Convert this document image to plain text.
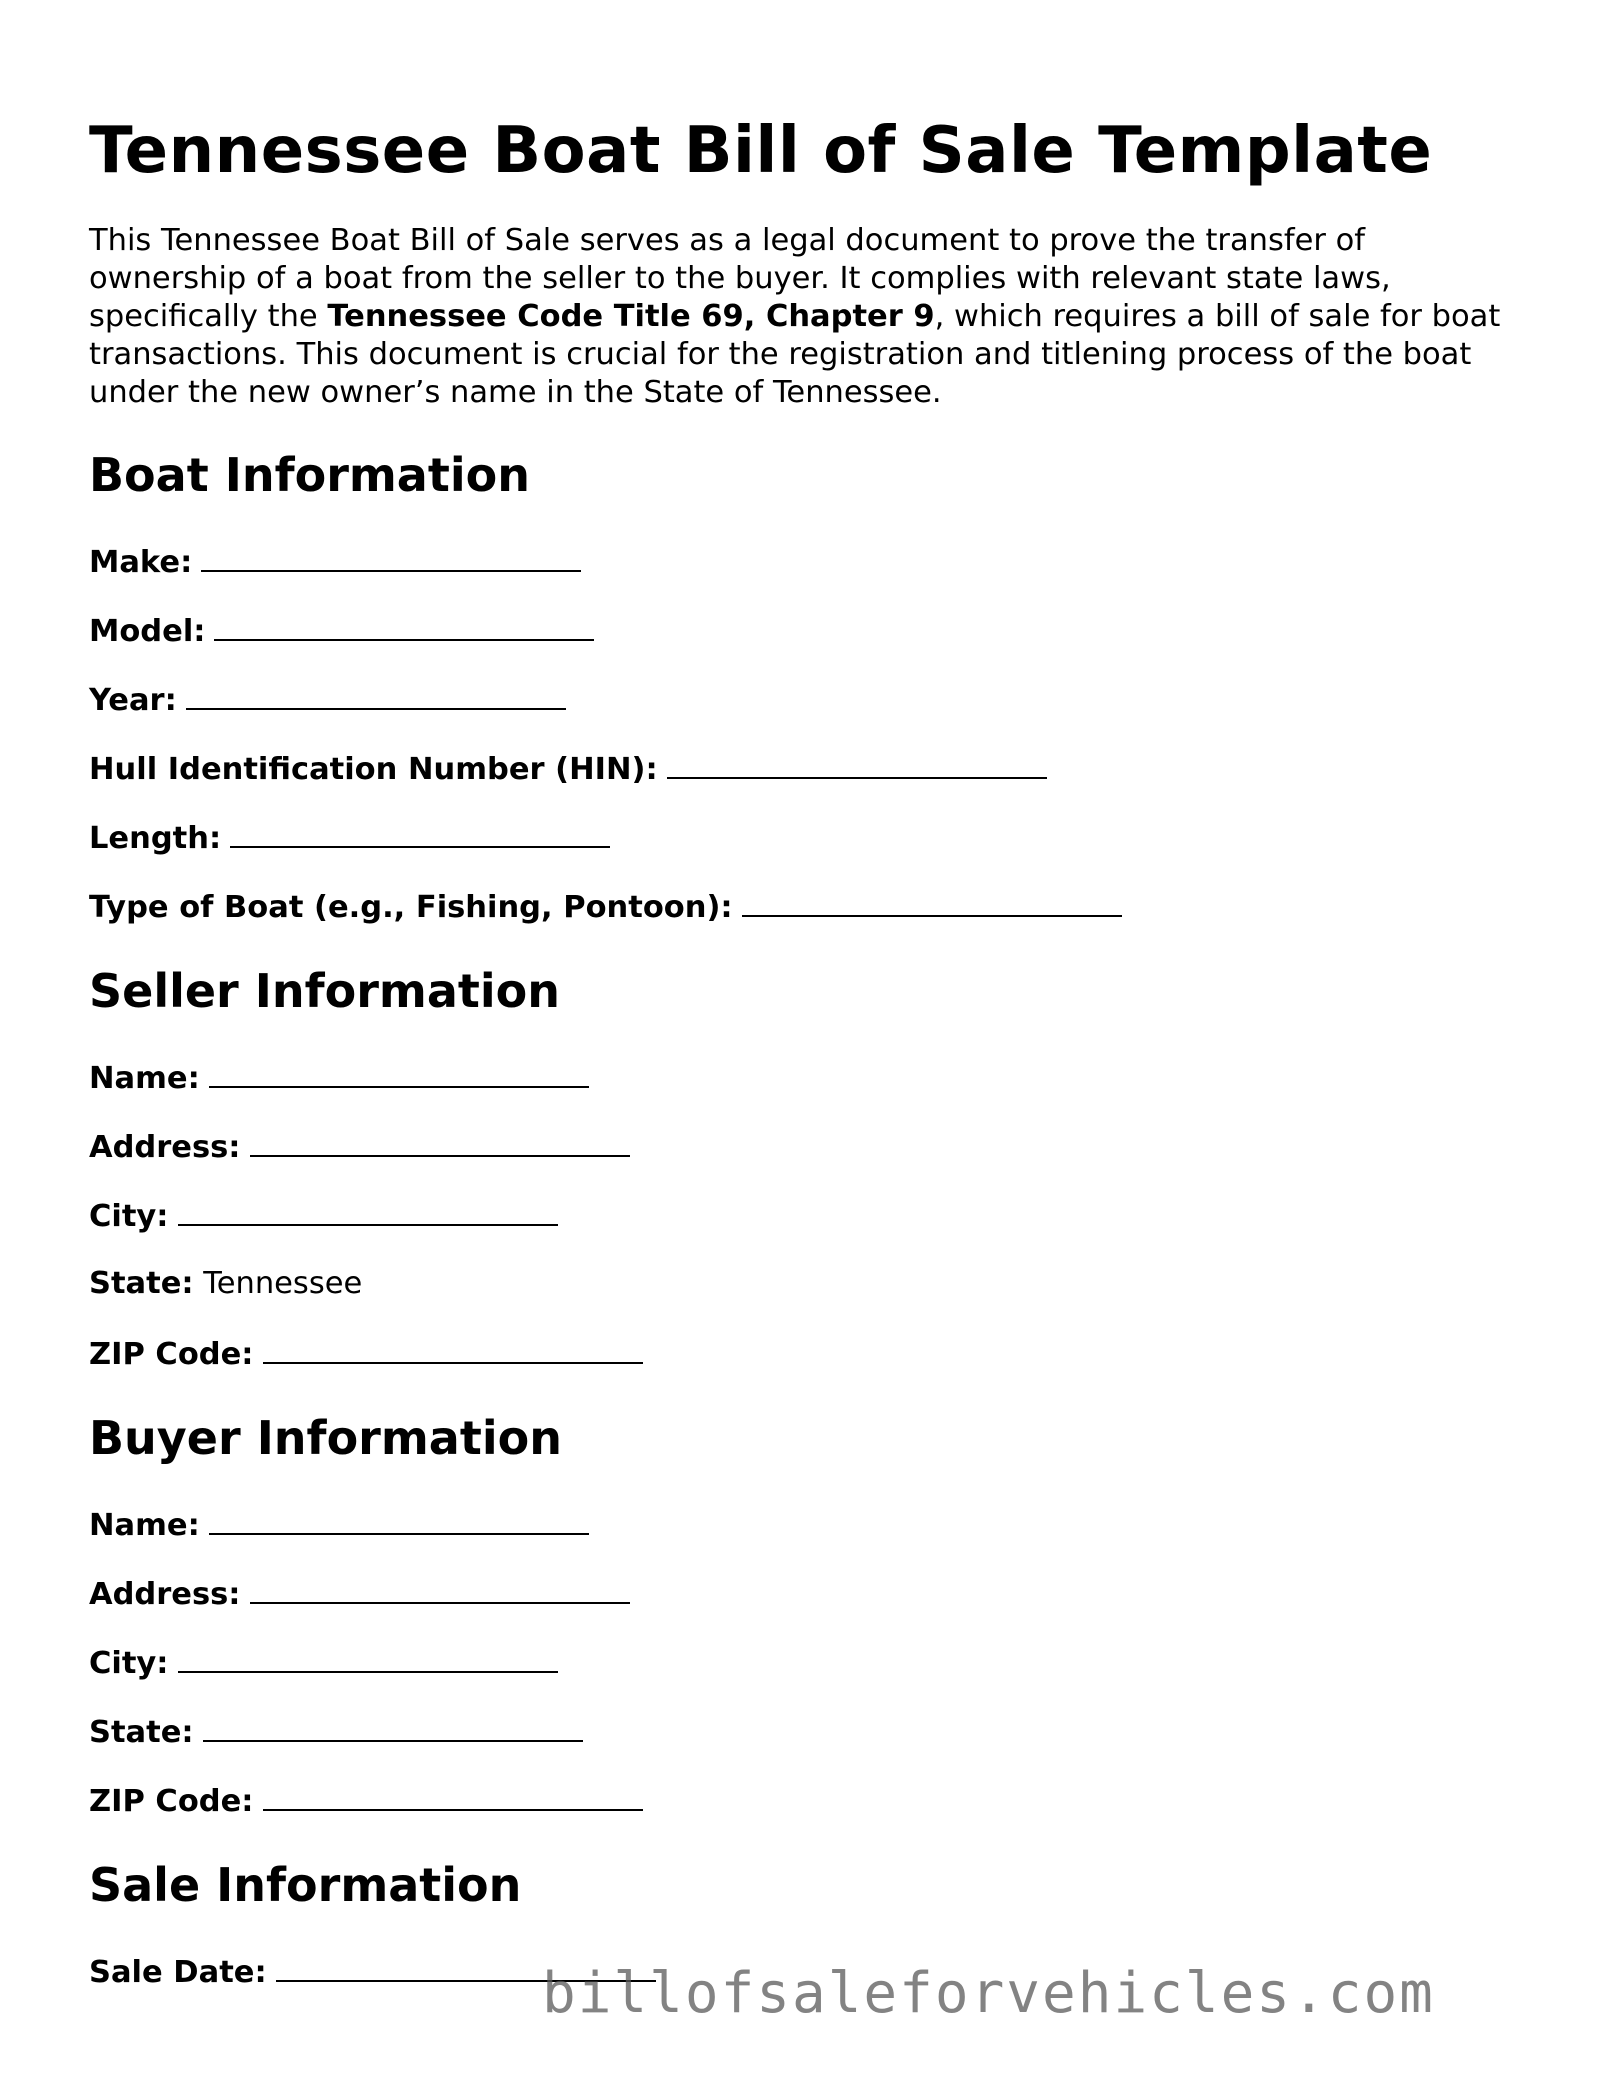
Tennessee Boat Bill of Sale Template

This Tennessee Boat Bill of Sale serves as a legal document to prove the transfer of ownership of a boat from the seller to the buyer. It complies with relevant state laws, specifically the Tennessee Code Title 69, Chapter 9, which requires a bill of sale for boat transactions. This document is crucial for the registration and titlening process of the boat under the new owner’s name in the State of Tennessee.

Boat Information
Make:
Model:
Year:
Hull Identification Number (HIN):
Length:
Type of Boat (e.g., Fishing, Pontoon):
Seller Information
Name:
Address:
City:
State: Tennessee
ZIP Code:
Buyer Information
Name:
Address:
City:
State:
ZIP Code:
Sale Information
Sale Date:	billofsaleforvehicles.com
